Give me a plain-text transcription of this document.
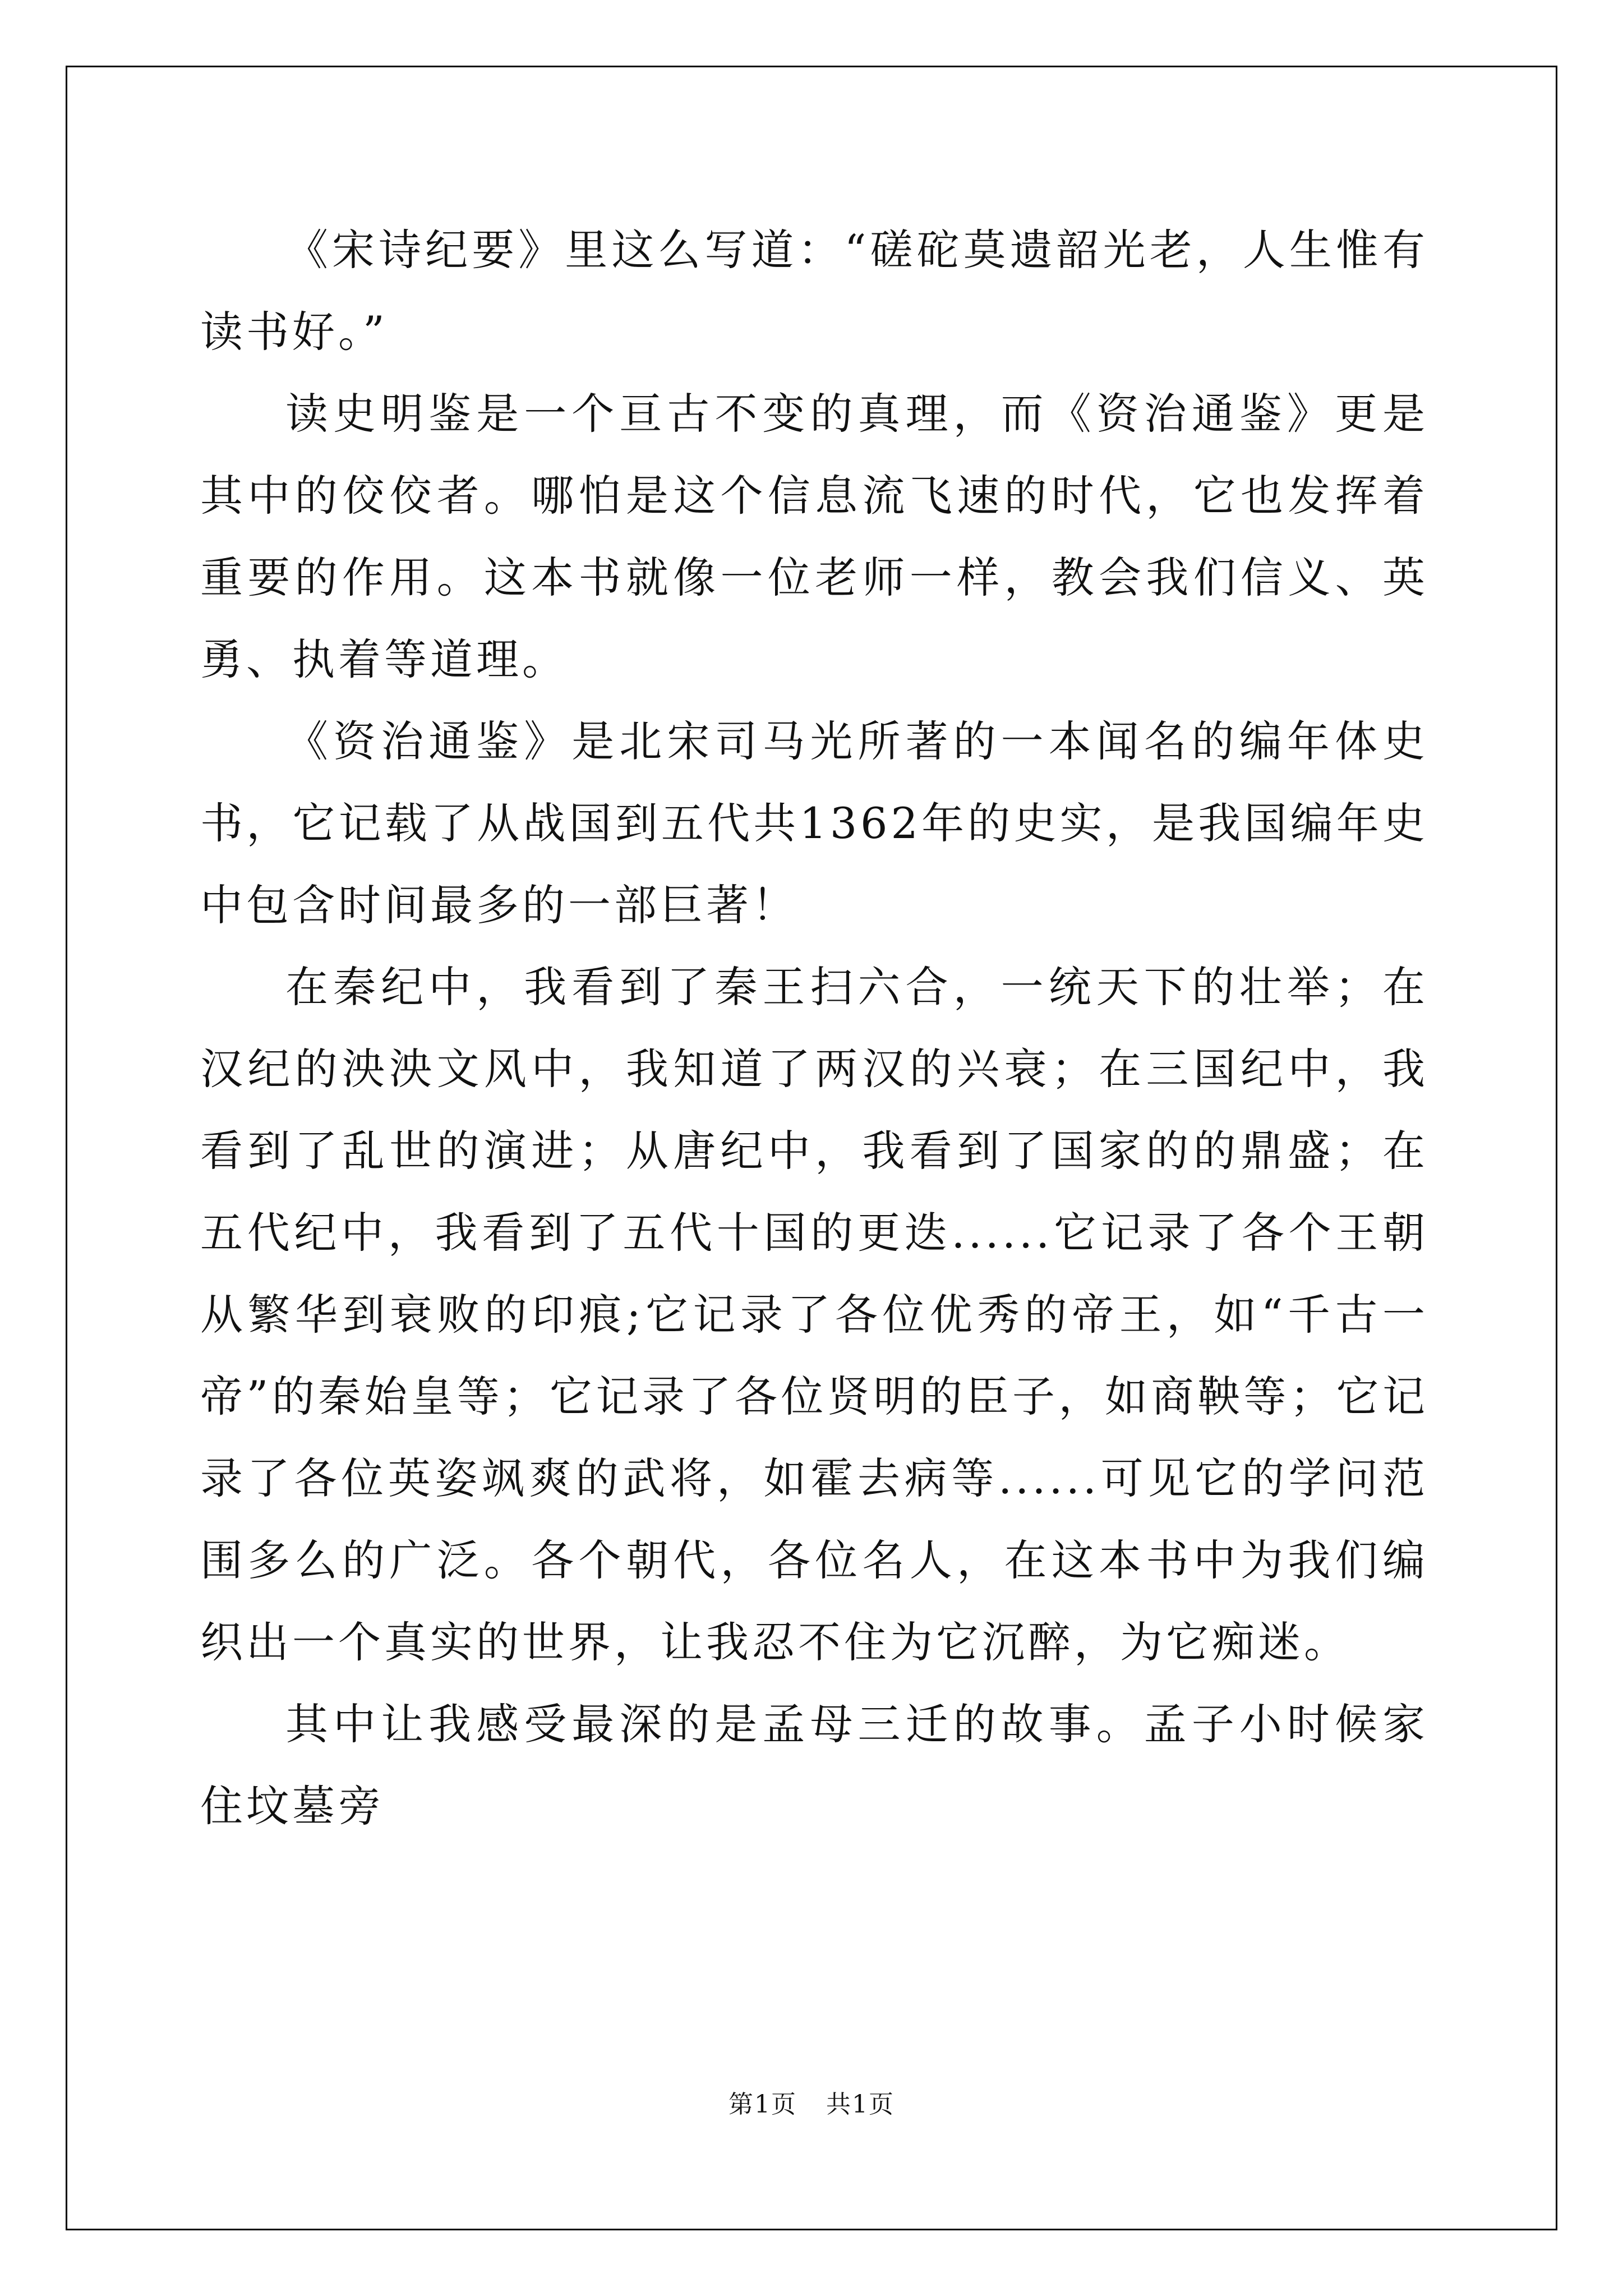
《宋诗纪要》里这么写道：“磋砣莫遗韶光老，人生惟有读书好。”

读史明鉴是一个亘古不变的真理，而《资治通鉴》更是其中的佼佼者。哪怕是这个信息流飞速的时代，它也发挥着重要的作用。这本书就像一位老师一样，教会我们信义、英勇、执着等道理。

《资治通鉴》是北宋司马光所著的一本闻名的编年体史书，它记载了从战国到五代共1362年的史实，是我国编年史中包含时间最多的一部巨著！

在秦纪中，我看到了秦王扫六合，一统天下的壮举；在汉纪的泱泱文风中，我知道了两汉的兴衰；在三国纪中，我看到了乱世的演进；从唐纪中，我看到了国家的的鼎盛；在五代纪中，我看到了五代十国的更迭......它记录了各个王朝从繁华到衰败的印痕;它记录了各位优秀的帝王，如“千古一帝”的秦始皇等；它记录了各位贤明的臣子，如商鞅等；它记录了各位英姿飒爽的武将，如霍去病等......可见它的学问范围多么的广泛。各个朝代，各位名人，在这本书中为我们编织出一个真实的世界，让我忍不住为它沉醉，为它痴迷。

其中让我感受最深的是孟母三迁的故事。孟子小时候家住坟墓旁

第1页 共1页
